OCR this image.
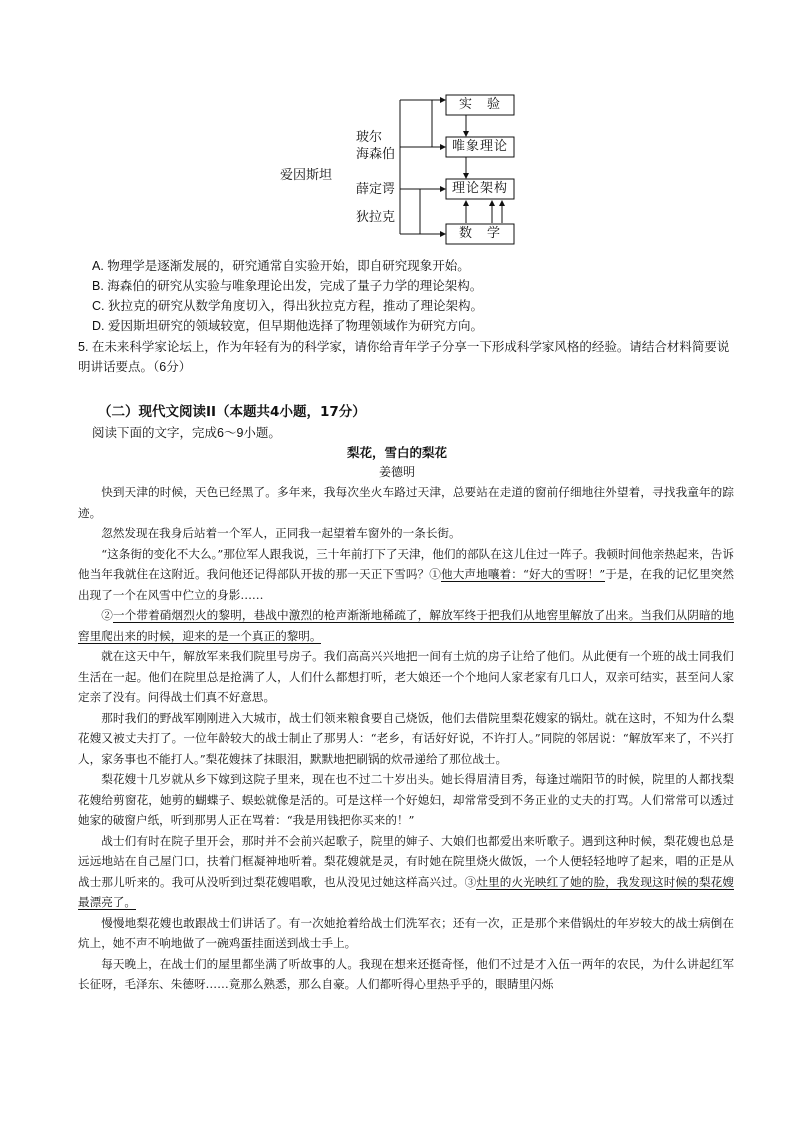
爱因斯坦
玻尔
海森伯
薛定谔
狄拉克
实　验
唯象理论
理论架构
数　学
A. 物理学是逐渐发展的，研究通常自实验开始，即自研究现象开始。
B. 海森伯的研究从实验与唯象理论出发，完成了量子力学的理论架构。
C. 狄拉克的研究从数学角度切入，得出狄拉克方程，推动了理论架构。
D. 爱因斯坦研究的领域较宽，但早期他选择了物理领域作为研究方向。
5. 在未来科学家论坛上，作为年轻有为的科学家，请你给青年学子分享一下形成科学家风格的经验。请结合材料简要说明讲话要点。（6分）
（二）现代文阅读II（本题共4小题，17分）
阅读下面的文字，完成6～9小题。
梨花，雪白的梨花
姜德明

快到天津的时候，天色已经黑了。多年来，我每次坐火车路过天津，总要站在走道的窗前仔细地往外望着，寻找我童年的踪迹。

忽然发现在我身后站着一个军人，正同我一起望着车窗外的一条长街。

“这条街的变化不大么。”那位军人跟我说，三十年前打下了天津，他们的部队在这儿住过一阵子。我顿时间他亲热起来，告诉他当年我就住在这附近。我问他还记得部队开拔的那一天正下雪吗？①他大声地嚷着：“好大的雪呀！”于是，在我的记忆里突然出现了一个在风雪中伫立的身影……

②一个带着硝烟烈火的黎明，巷战中激烈的枪声渐渐地稀疏了，解放军终于把我们从地窖里解放了出来。当我们从阴暗的地窖里爬出来的时候，迎来的是一个真正的黎明。

就在这天中午，解放军来我们院里号房子。我们高高兴兴地把一间有土炕的房子让给了他们。从此便有一个班的战士同我们生活在一起。他们在院里总是抢满了人，人们什么都想打听，老大娘还一个个地问人家老家有几口人，双亲可结实，甚至问人家定亲了没有。问得战士们真不好意思。

那时我们的野战军刚刚进入大城市，战士们领来粮食要自己烧饭，他们去借院里梨花嫂家的锅灶。就在这时，不知为什么梨花嫂又被丈夫打了。一位年龄较大的战士制止了那男人：“老乡，有话好好说，不许打人。”同院的邻居说：“解放军来了，不兴打人，家务事也不能打人。”梨花嫂抹了抹眼泪，默默地把刷锅的炊帚递给了那位战士。

梨花嫂十几岁就从乡下嫁到这院子里来，现在也不过二十岁出头。她长得眉清目秀，每逢过端阳节的时候，院里的人都找梨花嫂给剪窗花，她剪的蝴蝶子、蜈蚣就像是活的。可是这样一个好媳妇，却常常受到不务正业的丈夫的打骂。人们常常可以透过她家的破窗户纸，听到那男人正在骂着：“我是用钱把你买来的！”

战士们有时在院子里开会，那时并不会前兴起歌子，院里的婶子、大娘们也都爱出来听歌子。遇到这种时候，梨花嫂也总是远远地站在自己屋门口，扶着门框凝神地听着。梨花嫂就是灵，有时她在院里烧火做饭，一个人便轻轻地哼了起来，唱的正是从战士那儿听来的。我可从没听到过梨花嫂唱歌，也从没见过她这样高兴过。③灶里的火光映红了她的脸，我发现这时候的梨花嫂最漂亮了。

慢慢地梨花嫂也敢跟战士们讲话了。有一次她抢着给战士们洗军衣；还有一次，正是那个来借锅灶的年岁较大的战士病倒在炕上，她不声不响地做了一碗鸡蛋挂面送到战士手上。

每天晚上，在战士们的屋里都坐满了听故事的人。我现在想来还挺奇怪，他们不过是才入伍一两年的农民，为什么讲起红军长征呀，毛泽东、朱德呀……竟那么熟悉，那么自豪。人们都听得心里热乎乎的，眼睛里闪烁
